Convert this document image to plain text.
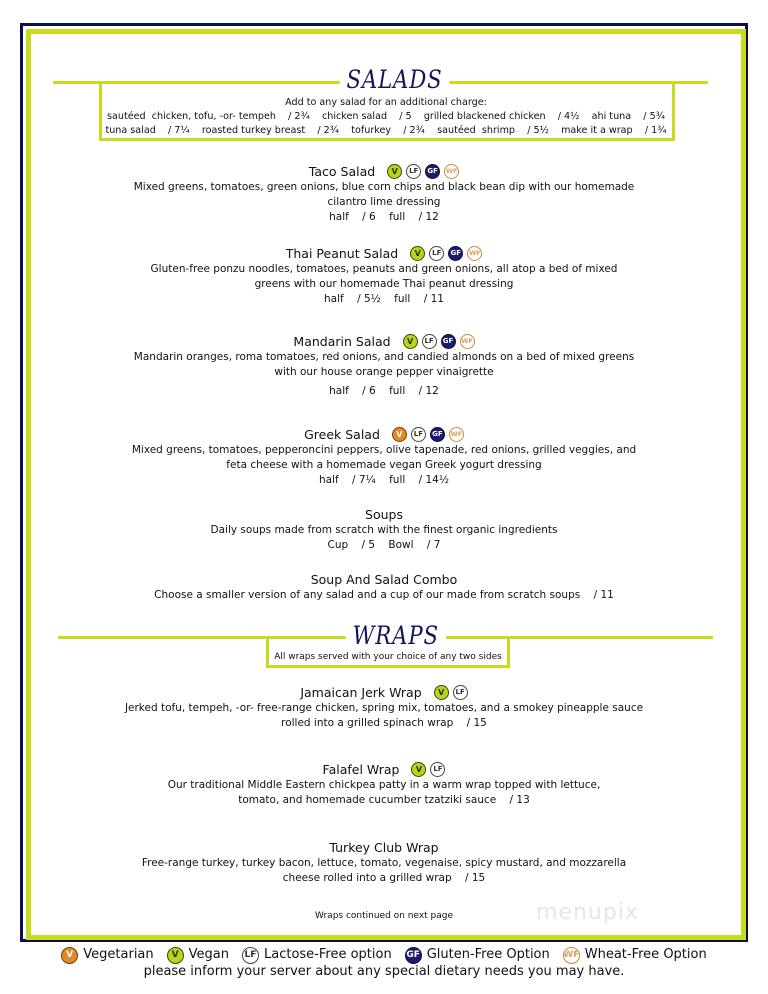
SALADS
Add to any salad for an additional charge:
sautéed  chicken, tofu, -or- tempeh    / 2¾    chicken salad    / 5    grilled blackened chicken    / 4½    ahi tuna    / 5¾
tuna salad    / 7¼    roasted turkey breast    / 2¾    tofurkey    / 2¾    sautéed  shrimp    / 5½    make it a wrap    / 1¾
Taco Salad	V	LF	GF	WF
Mixed greens, tomatoes, green onions, blue corn chips and black bean dip with our homemade
cilantro lime dressing
half    / 6    full    / 12
Thai Peanut Salad	V	LF	GF	WF
Gluten-free ponzu noodles, tomatoes, peanuts and green onions, all atop a bed of mixed
greens with our homemade Thai peanut dressing
half    / 5½    full    / 11
Mandarin Salad	V	LF	GF	WF
Mandarin oranges, roma tomatoes, red onions, and candied almonds on a bed of mixed greens
with our house orange pepper vinaigrette
half    / 6    full    / 12
Greek Salad	V	LF	GF	WF
Mixed greens, tomatoes, pepperoncini peppers, olive tapenade, red onions, grilled veggies, and
feta cheese with a homemade vegan Greek yogurt dressing
half    / 7¼    full    / 14½
Soups
Daily soups made from scratch with the finest organic ingredients
Cup    / 5    Bowl    / 7
Soup And Salad Combo
Choose a smaller version of any salad and a cup of our made from scratch soups    / 11
WRAPS
All wraps served with your choice of any two sides
Jamaican Jerk Wrap	V	LF
Jerked tofu, tempeh, -or- free-range chicken, spring mix, tomatoes, and a smokey pineapple sauce
rolled into a grilled spinach wrap    / 15
Falafel Wrap	V	LF
Our traditional Middle Eastern chickpea patty in a warm wrap topped with lettuce,
tomato, and homemade cucumber tzatziki sauce    / 13
Turkey Club Wrap
Free-range turkey, turkey bacon, lettuce, tomato, vegenaise, spicy mustard, and mozzarella
cheese rolled into a grilled wrap    / 15
Wraps continued on next page	menupix
V Vegetarian	V Vegan LF Lactose-Free option GF Gluten-Free Option WF Wheat-Free Option
please inform your server about any special dietary needs you may have.
